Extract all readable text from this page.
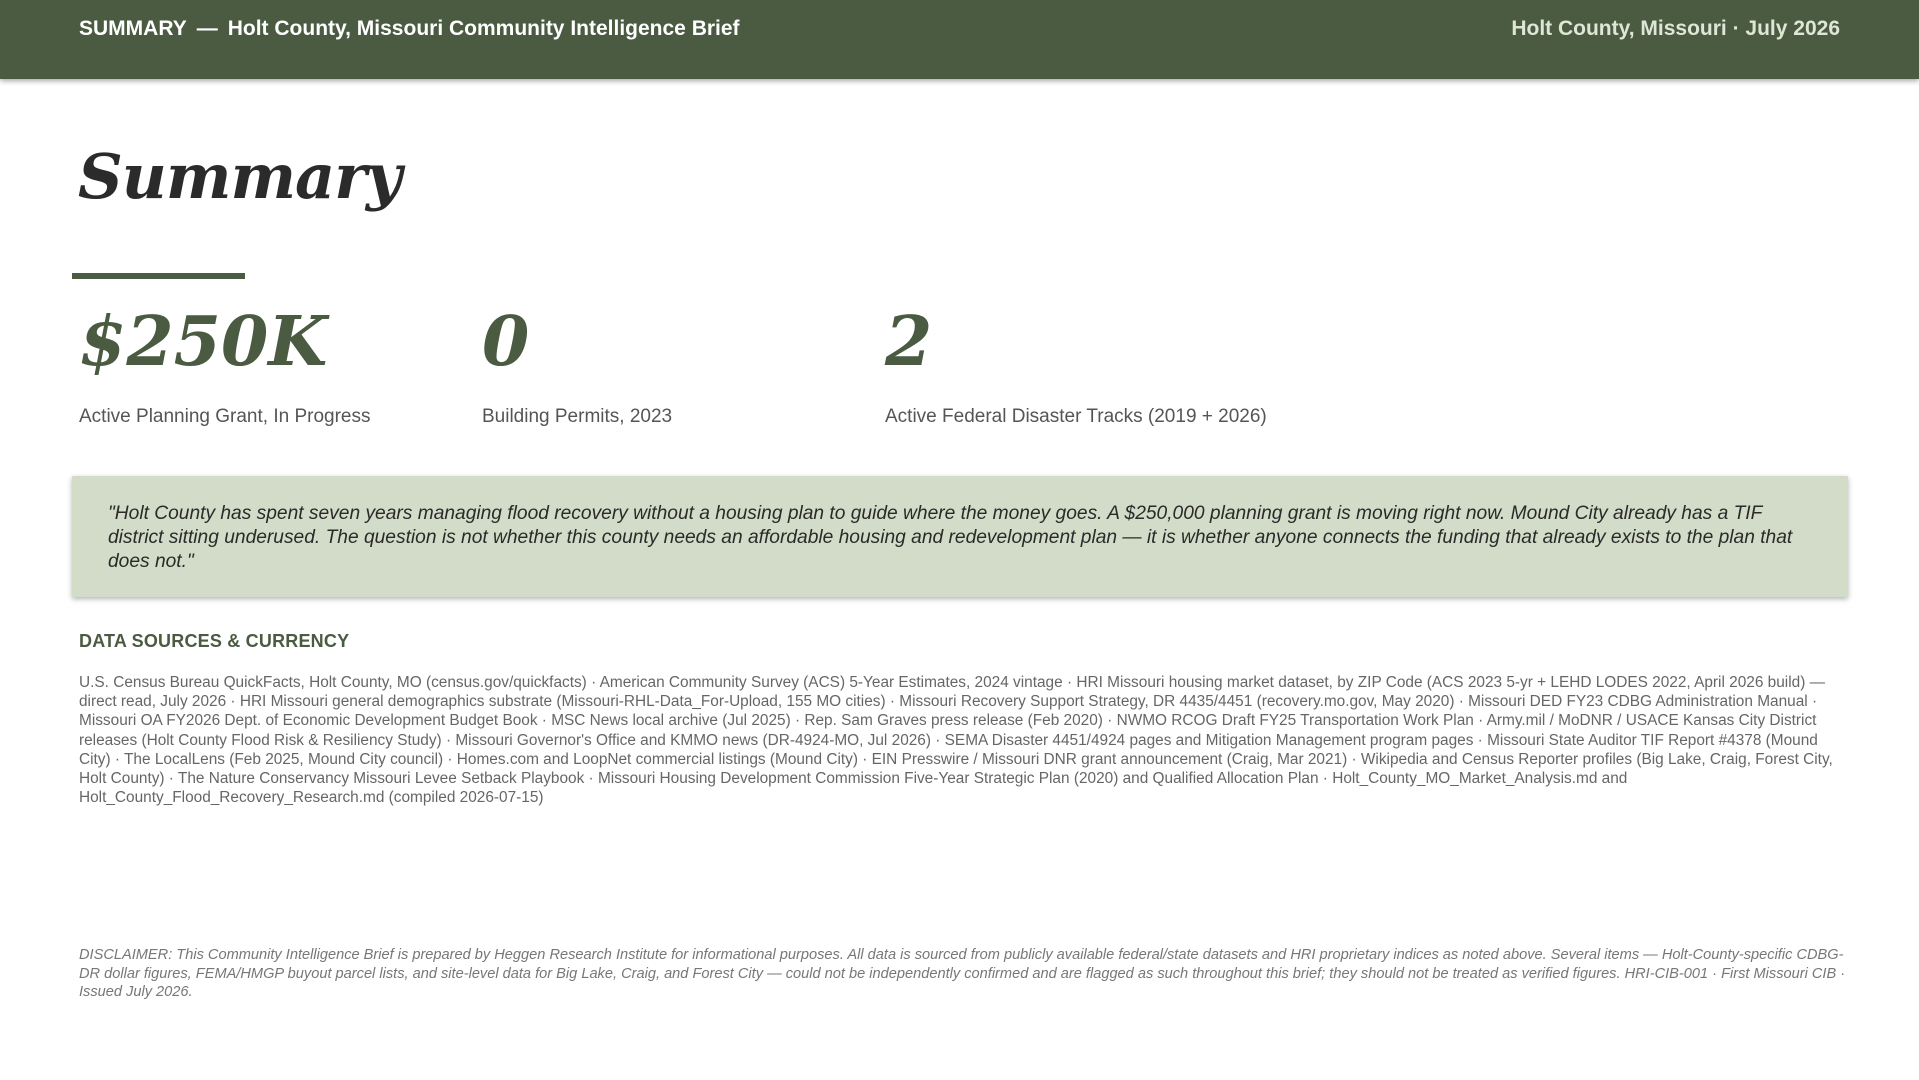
SUMMARY — Holt County, Missouri Community Intelligence Brief	Holt County, Missouri · July 2026
Summary
$250K
Active Planning Grant, In Progress
0
Building Permits, 2023
2
Active Federal Disaster Tracks (2019 + 2026)
"Holt County has spent seven years managing flood recovery without a housing plan to guide where the money goes. A $250,000 planning grant is moving right now. Mound City already has a TIF district sitting underused. The question is not whether this county needs an affordable housing and redevelopment plan — it is whether anyone connects the funding that already exists to the plan that does not."
DATA SOURCES & CURRENCY
U.S. Census Bureau QuickFacts, Holt County, MO (census.gov/quickfacts) · American Community Survey (ACS) 5-Year Estimates, 2024 vintage · HRI Missouri housing market dataset, by ZIP Code (ACS 2023 5-yr + LEHD LODES 2022, April 2026 build) — direct read, July 2026 · HRI Missouri general demographics substrate (Missouri-RHL-Data_For-Upload, 155 MO cities) · Missouri Recovery Support Strategy, DR 4435/4451 (recovery.mo.gov, May 2020) · Missouri DED FY23 CDBG Administration Manual · Missouri OA FY2026 Dept. of Economic Development Budget Book · MSC News local archive (Jul 2025) · Rep. Sam Graves press release (Feb 2020) · NWMO RCOG Draft FY25 Transportation Work Plan · Army.mil / MoDNR / USACE Kansas City District releases (Holt County Flood Risk & Resiliency Study) · Missouri Governor's Office and KMMO news (DR-4924-MO, Jul 2026) · SEMA Disaster 4451/4924 pages and Mitigation Management program pages · Missouri State Auditor TIF Report #4378 (Mound City) · The LocalLens (Feb 2025, Mound City council) · Homes.com and LoopNet commercial listings (Mound City) · EIN Presswire / Missouri DNR grant announcement (Craig, Mar 2021) · Wikipedia and Census Reporter profiles (Big Lake, Craig, Forest City, Holt County) · The Nature Conservancy Missouri Levee Setback Playbook · Missouri Housing Development Commission Five-Year Strategic Plan (2020) and Qualified Allocation Plan · Holt_County_MO_Market_Analysis.md and Holt_County_Flood_Recovery_Research.md (compiled 2026-07-15)
DISCLAIMER: This Community Intelligence Brief is prepared by Heggen Research Institute for informational purposes. All data is sourced from publicly available federal/state datasets and HRI proprietary indices as noted above. Several items — Holt-County-specific CDBG-DR dollar figures, FEMA/HMGP buyout parcel lists, and site-level data for Big Lake, Craig, and Forest City — could not be independently confirmed and are flagged as such throughout this brief; they should not be treated as verified figures. HRI-CIB-001 · First Missouri CIB · Issued July 2026.
